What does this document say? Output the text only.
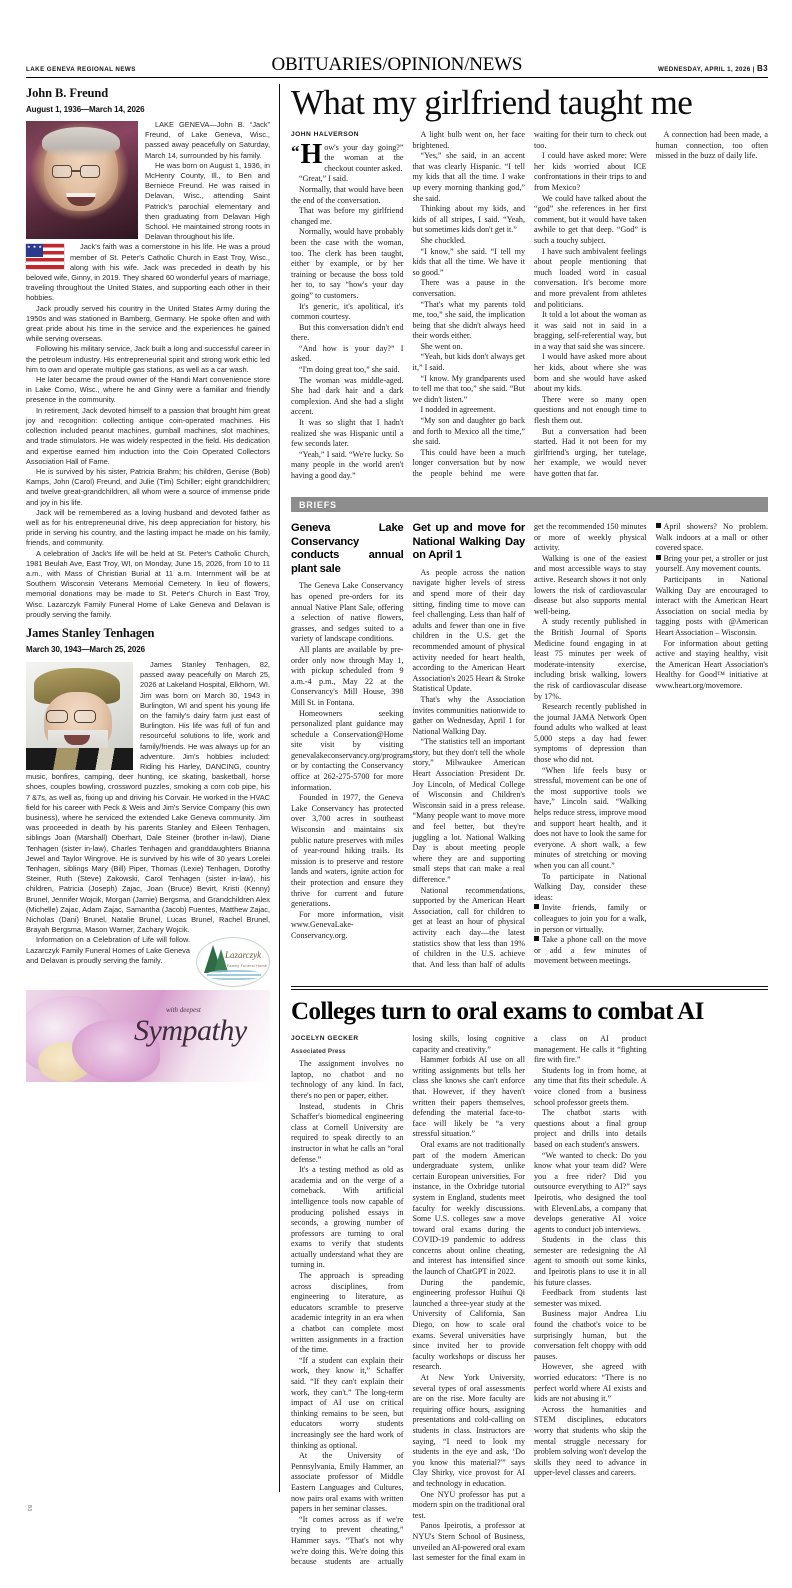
LAKE GENEVA REGIONAL NEWS	OBITUARIES/OPINION/NEWS	WEDNESDAY, APRIL 1, 2026 | B3
John B. Freund
August 1, 1936—March 14, 2026

LAKE GENEVA—John B. “Jack” Freund, of Lake Geneva, Wisc., passed away peacefully on Saturday, March 14, surrounded by his family.

He was born on August 1, 1936, in McHenry County, Ill., to Ben and Berniece Freund. He was raised in Delavan, Wisc., attending Saint Patrick's parochial elementary and then graduating from Delavan High School. He maintained strong roots in Delavan throughout his life.

★ ★ ★

Jack's faith was a cornerstone in his life. He was a proud member of St. Peter's Catholic Church in East Troy, Wisc., along with his wife. Jack was preceded in death by his beloved wife, Ginny, in 2019. They shared 60 wonderful years of marriage, traveling throughout the United States, and supporting each other in their hobbies.

Jack proudly served his country in the United States Army during the 1950s and was stationed in Bamberg, Germany. He spoke often and with great pride about his time in the service and the experiences he gained while serving overseas.

Following his military service, Jack built a long and successful career in the petroleum industry. His entrepreneurial spirit and strong work ethic led him to own and operate multiple gas stations, as well as a car wash.

He later became the proud owner of the Handi Mart convenience store in Lake Como, Wisc., where he and Ginny were a familiar and friendly presence in the community.

In retirement, Jack devoted himself to a passion that brought him great joy and recognition: collecting antique coin-operated machines. His collection included peanut machines, gumball machines, slot machines, and trade stimulators. He was widely respected in the field. His dedication and expertise earned him induction into the Coin Operated Collectors Association Hall of Fame.

He is survived by his sister, Patricia Brahm; his children, Genise (Bob) Kamps, John (Carol) Freund, and Julie (Tim) Schiller; eight grandchildren; and twelve great-grandchildren, all whom were a source of immense pride and joy in his life.

Jack will be remembered as a loving husband and devoted father as well as for his entrepreneurial drive, his deep appreciation for history, his pride in serving his country, and the lasting impact he made on his family, friends, and community.

A celebration of Jack's life will be held at St. Peter's Catholic Church, 1981 Beulah Ave, East Troy, WI, on Monday, June 15, 2026, from 10 to 11 a.m., with Mass of Christian Burial at 11 a.m. Internment will be at Southern Wisconsin Veterans Memorial Cemetery. In lieu of flowers, memorial donations may be made to St. Peter's Church in East Troy, Wisc. Lazarczyk Family Funeral Home of Lake Geneva and Delavan is proudly serving the family.

James Stanley Tenhagen
March 30, 1943—March 25, 2026

James Stanley Tenhagen, 82, passed away peacefully on March 25, 2026 at Lakeland Hospital, Elkhorn, WI. Jim was born on March 30, 1943 in Burlington, WI and spent his young life on the family's dairy farm just east of Burlington. His life was full of fun and resourceful solutions to life, work and family/friends. He was always up for an adventure. Jim's hobbies included: Riding his Harley, DANCING, country music, bonfires, camping, deer hunting, ice skating, basketball, horse shoes, couples bowling, crossword puzzles, smoking a corn cob pipe, his 7 &7s, as well as, fixing up and driving his Corvair. He worked in the HVAC field for his career with Peck & Weis and Jim's Service Company (his own business), where he serviced the extended Lake Geneva community. Jim was proceeded in death by his parents Stanley and Eileen Tenhagen, siblings Joan (Marshall) Oberhart, Dale Steiner (brother in-law), Diane Tenhagen (sister in-law), Charles Tenhagen and granddaughters Brianna Jewel and Taylor Wingrove. He is survived by his wife of 30 years Lorelei Tenhagen, siblings Mary (Bill) Piper, Thomas (Lexie) Tenhagen, Dorothy Steiner, Ruth (Steve) Zakowski, Carol Tenhagen (sister in-law), his children, Patricia (Joseph) Zajac, Joan (Bruce) Bevirt, Kristi (Kenny) Brunel, Jennifer Wojcik, Morgan (Jamie) Bergsma, and Grandchildren Alex (Michelle) Zajac, Adam Zajac, Samantha (Jacob) Fuentes, Matthew Zajac, Nicholas (Dani) Brunel, Natalie Brunel, Lucas Brunel, Rachel Brunel, Brayah Bergsma, Mason Warner, Zachary Wojcik.

Lazarczyk
Family Funeral Home

Information on a Celebration of Life will follow. Lazarczyk Family Funeral Homes of Lake Geneva and Delavan is proudly serving the family.

with deepest
Sympathy
B3
What my girlfriend taught me
JOHN HALVERSON

“ H ow's your day going?” the woman at the checkout counter asked.

“Great,” I said.

Normally, that would have been the end of the conversation.

That was before my girlfriend changed me.

Normally, would have probably been the case with the woman, too. The clerk has been taught, either by example, or by her training or because the boss told her to, to say “how's your day going” to customers.

It's generic, it's apolitical, it's common courtesy.

But this conversation didn't end there.

“And how is your day?” I asked.

“I'm doing great too,” she said.

The woman was middle-aged. She had dark hair and a dark complexion. And she had a slight accent.

It was so slight that I hadn't realized she was Hispanic until a few seconds later.

“Yeah,” I said. “We're lucky. So many people in the world aren't having a good day.”

A light bulb went on, her face brightened.

“Yes,” she said, in an accent that was clearly Hispanic. “I tell my kids that all the time. I wake up every morning thanking god,” she said.

Thinking about my kids, and kids of all stripes, I said. “Yeah, but sometimes kids don't get it.”

She chuckled.

“I know,” she said. “I tell my kids that all the time. We have it so good.”

There was a pause in the conversation.

“That's what my parents told me, too,” she said, the implication being that she didn't always heed their words either.

She went on.

“Yeah, but kids don't always get it,” I said.

“I know. My grandparents used to tell me that too,” she said. “But we didn't listen.”

I nodded in agreement.

“My son and daughter go back and forth to Mexico all the time,” she said.

This could have been a much longer conversation but by now the people behind me were waiting for their turn to check out too.

I could have asked more: Were her kids worried about ICE confrontations in their trips to and from Mexico?

We could have talked about the “god” she references in her first comment, but it would have taken awhile to get that deep. “God” is such a touchy subject.

I have such ambivalent feelings about people mentioning that much loaded word in casual conversation. It's become more and more prevalent from athletes and politicians.

It told a lot about the woman as it was said not in said in a bragging, self-referential way, but in a way that said she was sincere.

I would have asked more about her kids, about where she was born and she would have asked about my kids.

There were so many open questions and not enough time to flesh them out.

But a conversation had been started. Had it not been for my girlfriend's urging, her tutelage, her example, we would never have gotten that far.

A connection had been made, a human connection, too often missed in the buzz of daily life.

BRIEFS
Geneva Lake Conservancy conducts annual plant sale

The Geneva Lake Conservancy has opened pre-orders for its annual Native Plant Sale, offering a selection of native flowers, grasses, and sedges suited to a variety of landscape conditions.

All plants are available by pre-order only now through May 1, with pickup scheduled from 9 a.m.-4 p.m., May 22 at the Conservancy's Mill House, 398 Mill St. in Fontana.

Homeowners seeking personalized plant guidance may schedule a Conservation@Home site visit by visiting genevalakeconservancy.org/programs or by contacting the Conservancy office at 262-275-5700 for more information.

Founded in 1977, the Geneva Lake Conservancy has protected over 3,700 acres in southeast Wisconsin and maintains six public nature preserves with miles of year-round hiking trails. Its mission is to preserve and restore lands and waters, ignite action for their protection and ensure they thrive for current and future generations.

For more information, visit www.GenevaLake-Conservancy.org.

Get up and move for National Walking Day on April 1

As people across the nation navigate higher levels of stress and spend more of their day sitting, finding time to move can feel challenging. Less than half of adults and fewer than one in five children in the U.S. get the recommended amount of physical activity needed for heart health, according to the American Heart Association's 2025 Heart & Stroke Statistical Update.

That's why the Association invites communities nationwide to gather on Wednesday, April 1 for National Walking Day.

“The statistics tell an important story, but they don't tell the whole story,” Milwaukee American Heart Association President Dr. Joy Lincoln, of Medical College of Wisconsin and Children's Wisconsin said in a press release. “Many people want to move more and feel better, but they're juggling a lot. National Walking Day is about meeting people where they are and supporting small steps that can make a real difference.”

National recommendations, supported by the American Heart Association, call for children to get at least an hour of physical activity each day—the latest statistics show that less than 19% of children in the U.S. achieve that. And less than half of adults get the recommended 150 minutes or more of weekly physical activity.

Walking is one of the easiest and most accessible ways to stay active. Research shows it not only lowers the risk of cardiovascular disease but also supports mental well-being.

A study recently published in the British Journal of Sports Medicine found engaging in at least 75 minutes per week of moderate-intensity exercise, including brisk walking, lowers the risk of cardiovascular disease by 17%.

Research recently published in the journal JAMA Network Open found adults who walked at least 5,000 steps a day had fewer symptoms of depression than those who did not.

“When life feels busy or stressful, movement can be one of the most supportive tools we have,” Lincoln said. “Walking helps reduce stress, improve mood and support heart health, and it does not have to look the same for everyone. A short walk, a few minutes of stretching or moving when you can all count.”

To participate in National Walking Day, consider these ideas:

Invite friends, family or colleagues to join you for a walk, in person or virtually.

Take a phone call on the move or add a few minutes of movement between meetings.

April showers? No problem. Walk indoors at a mall or other covered space.

Bring your pet, a stroller or just yourself. Any movement counts.

Participants in National Walking Day are encouraged to interact with the American Heart Association on social media by tagging posts with @American Heart Association – Wisconsin.

For information about getting active and staying healthy, visit the American Heart Association's Healthy for Good™ initiative at www.heart.org/movemore.

Colleges turn to oral exams to combat AI
JOCELYN GECKER
Associated Press

The assignment involves no laptop, no chatbot and no technology of any kind. In fact, there's no pen or paper, either.

Instead, students in Chris Schaffer's biomedical engineering class at Cornell University are required to speak directly to an instructor in what he calls an “oral defense.”

It's a testing method as old as academia and on the verge of a comeback. With artificial intelligence tools now capable of producing polished essays in seconds, a growing number of professors are turning to oral exams to verify that students actually understand what they are turning in.

The approach is spreading across disciplines, from engineering to literature, as educators scramble to preserve academic integrity in an era when a chatbot can complete most written assignments in a fraction of the time.

“If a student can explain their work, they know it,” Schaffer said. “If they can't explain their work, they can't.” The long-term impact of AI use on critical thinking remains to be seen, but educators worry students increasingly see the hard work of thinking as optional.

At the University of Pennsylvania, Emily Hammer, an associate professor of Middle Eastern Languages and Cultures, now pairs oral exams with written papers in her seminar classes.

“It comes across as if we're trying to prevent cheating,” Hammer says. “That's not why we're doing this. We're doing this because students are actually losing skills, losing cognitive capacity and creativity.”

Hammer forbids AI use on all writing assignments but tells her class she knows she can't enforce that. However, if they haven't written their papers themselves, defending the material face-to-face will likely be “a very stressful situation.”

Oral exams are not traditionally part of the modern American undergraduate system, unlike certain European universities. For instance, in the Oxbridge tutorial system in England, students meet faculty for weekly discussions. Some U.S. colleges saw a move toward oral exams during the COVID-19 pandemic to address concerns about online cheating, and interest has intensified since the launch of ChatGPT in 2022.

During the pandemic, engineering professor Huihui Qi launched a three-year study at the University of California, San Diego, on how to scale oral exams. Several universities have since invited her to provide faculty workshops or discuss her research.

At New York University, several types of oral assessments are on the rise. More faculty are requiring office hours, assigning presentations and cold-calling on students in class. Instructors are saying, “I need to look my students in the eye and ask, ‘Do you know this material?'” says Clay Shirky, vice provost for AI and technology in education.

One NYU professor has put a modern spin on the traditional oral test.

Panos Ipeirotis, a professor at NYU's Stern School of Business, unveiled an AI-powered oral exam last semester for the final exam in a class on AI product management. He calls it “fighting fire with fire.”

Students log in from home, at any time that fits their schedule. A voice cloned from a business school professor greets them.

The chatbot starts with questions about a final group project and drills into details based on each student's answers.

“We wanted to check: Do you know what your team did? Were you a free rider? Did you outsource everything to AI?” says Ipeirotis, who designed the tool with ElevenLabs, a company that develops generative AI voice agents to conduct job interviews.

Students in the class this semester are redesigning the AI agent to smooth out some kinks, and Ipeirotis plans to use it in all his future classes.

Feedback from students last semester was mixed.

Business major Andrea Liu found the chatbot's voice to be surprisingly human, but the conversation felt choppy with odd pauses.

However, she agreed with worried educators: “There is no perfect world where AI exists and kids are not abusing it.”

Across the humanities and STEM disciplines, educators worry that students who skip the mental struggle necessary for problem solving won't develop the skills they need to advance in upper-level classes and careers.
